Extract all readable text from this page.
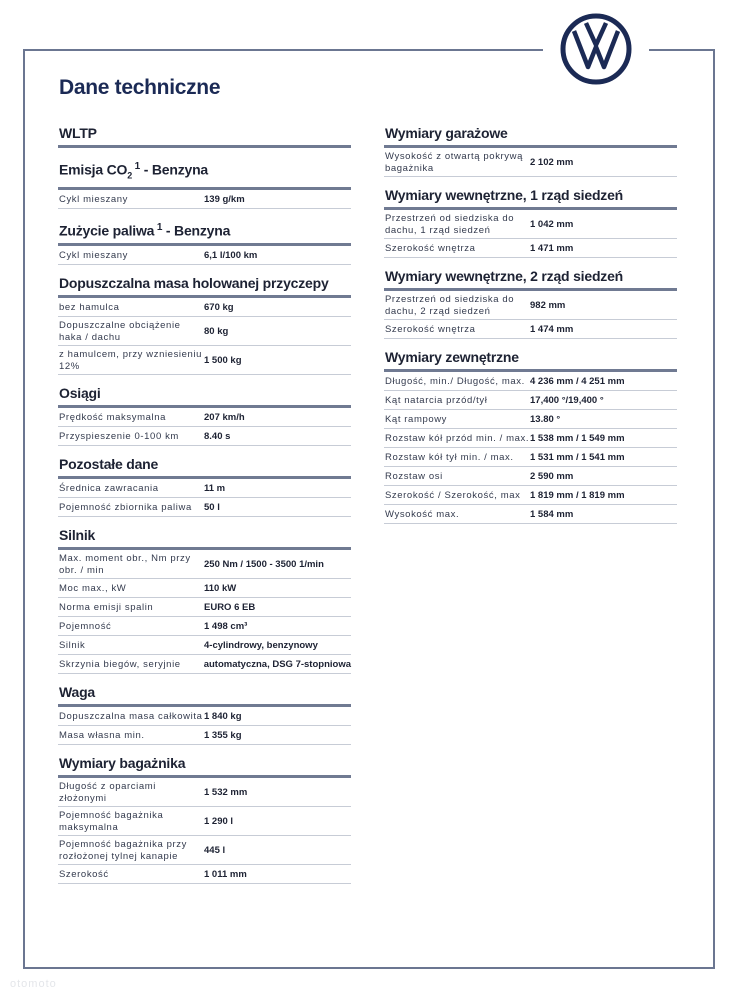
Dane techniczne
WLTP
Emisja $CO_2$ $^1$ - Benzyna
Cykl mieszany	139 g/km
Zużycie paliwa $^1$ - Benzyna
Cykl mieszany	6,1 l/100 km
Dopuszczalna masa holowanej przyczepy
bez hamulca	670 kg
Dopuszczalne obciążenie haka / dachu
80 kg
z hamulcem, przy wzniesieniu 12%
1 500 kg
Osiągi
Prędkość maksymalna	207 km/h
Przyspieszenie 0-100 km	8.40 s
Pozostałe dane
Średnica zawracania	11 m
Pojemność zbiornika paliwa	50 l
Silnik
Max. moment obr., Nm przy obr. / min
250 Nm / 1500 - 3500 1/min
Moc max., kW	110 kW
Norma emisji spalin	EURO 6 EB
Pojemność	1 498 cm³
Silnik	4-cylindrowy, benzynowy
Skrzynia biegów, seryjnie	automatyczna, DSG 7-stopniowa
Waga
Dopuszczalna masa całkowita 1 840 kg
Masa własna min.	1 355 kg
Wymiary bagażnika
Długość z oparciami złożonymi
1 532 mm
Pojemność bagażnika maksymalna
1 290 l
Pojemność bagażnika przy rozłożonej tylnej kanapie
445 l
Szerokość	1 011 mm
Wymiary garażowe
Wysokość z otwartą pokrywą bagażnika
2 102 mm
Wymiary wewnętrzne, 1 rząd siedzeń
Przestrzeń od siedziska do dachu, 1 rząd siedzeń
1 042 mm
Szerokość wnętrza	1 471 mm
Wymiary wewnętrzne, 2 rząd siedzeń
Przestrzeń od siedziska do dachu, 2 rząd siedzeń
982 mm
Szerokość wnętrza	1 474 mm
Wymiary zewnętrzne
Długość, min./ Długość, max. 4 236 mm / 4 251 mm
Kąt natarcia przód/tył	17,400 °/19,400 °
Kąt rampowy	13.80 °
Rozstaw kół przód min. / max. 1 538 mm / 1 549 mm
Rozstaw kół tył min. / max.	1 531 mm / 1 541 mm
Rozstaw osi	2 590 mm
Szerokość / Szerokość, max	1 819 mm / 1 819 mm
Wysokość max.	1 584 mm
otomoto
